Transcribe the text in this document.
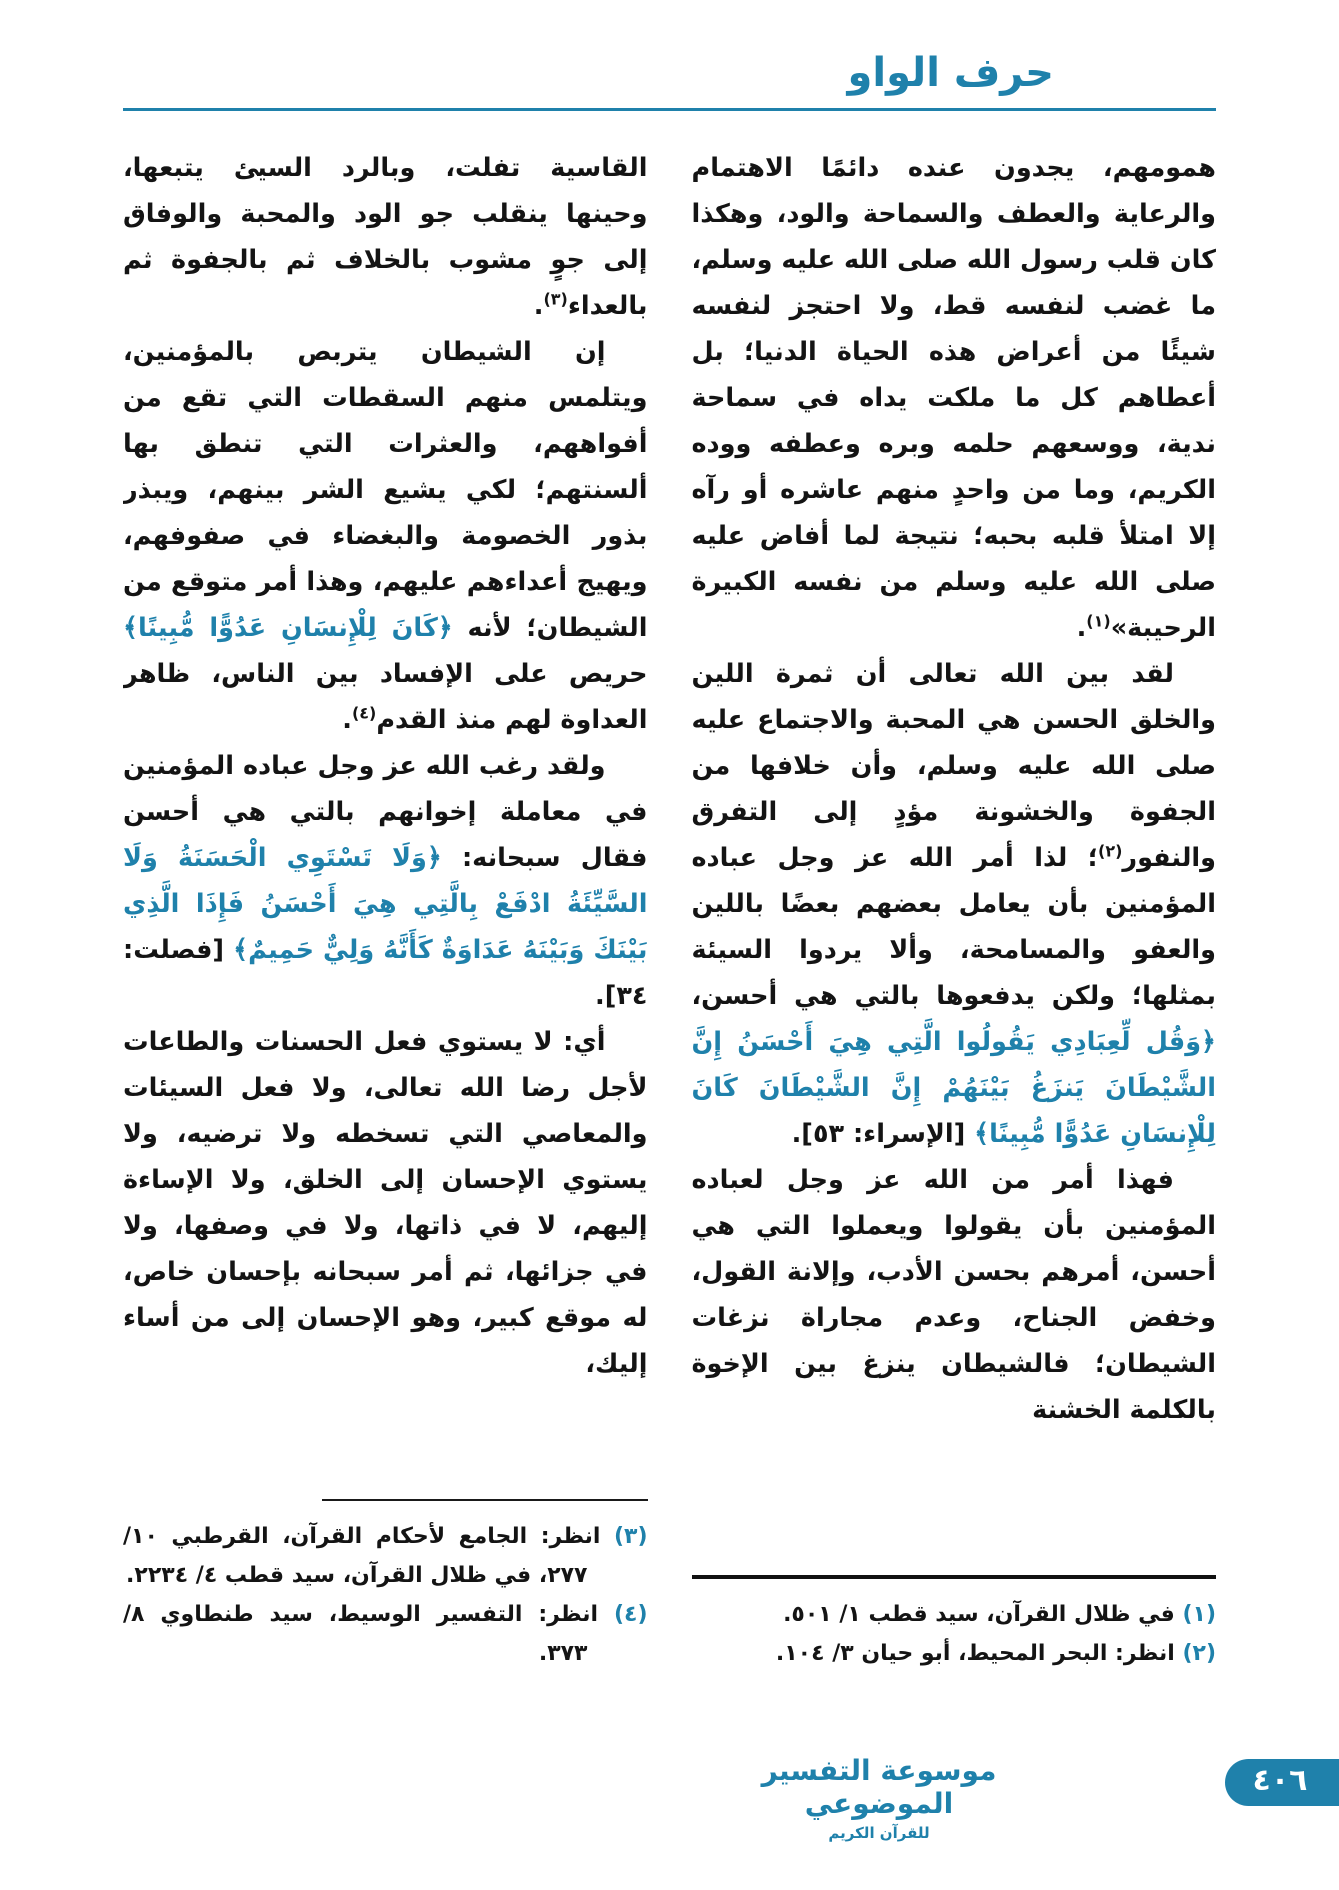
حرف الواو

همومهم، يجدون عنده دائمًا الاهتمام والرعاية والعطف والسماحة والود، وهكذا كان قلب رسول الله صلى الله عليه وسلم، ما غضب لنفسه قط، ولا احتجز لنفسه شيئًا من أعراض هذه الحياة الدنيا؛ بل أعطاهم كل ما ملكت يداه في سماحة ندية، ووسعهم حلمه وبره وعطفه ووده الكريم، وما من واحدٍ منهم عاشره أو رآه إلا امتلأ قلبه بحبه؛ نتيجة لما أفاض عليه صلى الله عليه وسلم من نفسه الكبيرة الرحيبة»$^{(١)}$.

لقد بين الله تعالى أن ثمرة اللين والخلق الحسن هي المحبة والاجتماع عليه صلى الله عليه وسلم، وأن خلافها من الجفوة والخشونة مؤدٍ إلى التفرق والنفور$^{(٢)}$؛ لذا أمر الله عز وجل عباده المؤمنين بأن يعامل بعضهم بعضًا باللين والعفو والمسامحة، وألا يردوا السيئة بمثلها؛ ولكن يدفعوها بالتي هي أحسن، ﴿وَقُل لِّعِبَادِي يَقُولُوا الَّتِي هِيَ أَحْسَنُ إِنَّ الشَّيْطَانَ يَنزَغُ بَيْنَهُمْ إِنَّ الشَّيْطَانَ كَانَ لِلْإِنسَانِ عَدُوًّا مُّبِينًا﴾ [الإسراء: ٥٣].

فهذا أمر من الله عز وجل لعباده المؤمنين بأن يقولوا ويعملوا التي هي أحسن، أمرهم بحسن الأدب، وإلانة القول، وخفض الجناح، وعدم مجاراة نزغات الشيطان؛ فالشيطان ينزغ بين الإخوة بالكلمة الخشنة

(١) في ظلال القرآن، سيد قطب ١/ ٥٠١.
(٢) انظر: البحر المحيط، أبو حيان ٣/ ١٠٤.

القاسية تفلت، وبالرد السيئ يتبعها، وحينها ينقلب جو الود والمحبة والوفاق إلى جوٍ مشوب بالخلاف ثم بالجفوة ثم بالعداء$^{(٣)}$.

إن الشيطان يتربص بالمؤمنين، ويتلمس منهم السقطات التي تقع من أفواههم، والعثرات التي تنطق بها ألسنتهم؛ لكي يشيع الشر بينهم، ويبذر بذور الخصومة والبغضاء في صفوفهم، ويهيج أعداءهم عليهم، وهذا أمر متوقع من الشيطان؛ لأنه ﴿كَانَ لِلْإِنسَانِ عَدُوًّا مُّبِينًا﴾ حريص على الإفساد بين الناس، ظاهر العداوة لهم منذ القدم$^{(٤)}$.

ولقد رغب الله عز وجل عباده المؤمنين في معاملة إخوانهم بالتي هي أحسن فقال سبحانه: ﴿وَلَا تَسْتَوِي الْحَسَنَةُ وَلَا السَّيِّئَةُ ادْفَعْ بِالَّتِي هِيَ أَحْسَنُ فَإِذَا الَّذِي بَيْنَكَ وَبَيْنَهُ عَدَاوَةٌ كَأَنَّهُ وَلِيٌّ حَمِيمٌ﴾ [فصلت: ٣٤].

أي: لا يستوي فعل الحسنات والطاعات لأجل رضا الله تعالى، ولا فعل السيئات والمعاصي التي تسخطه ولا ترضيه، ولا يستوي الإحسان إلى الخلق، ولا الإساءة إليهم، لا في ذاتها، ولا في وصفها، ولا في جزائها، ثم أمر سبحانه بإحسان خاص، له موقع كبير، وهو الإحسان إلى من أساء إليك،

(٣) انظر: الجامع لأحكام القرآن، القرطبي ١٠/ ٢٧٧، في ظلال القرآن، سيد قطب ٤/ ٢٢٣٤.
(٤) انظر: التفسير الوسيط، سيد طنطاوي ٨/ ٣٧٣.
موسوعة التفسير الموضوعي
للقرآن الكريم
٤٠٦
